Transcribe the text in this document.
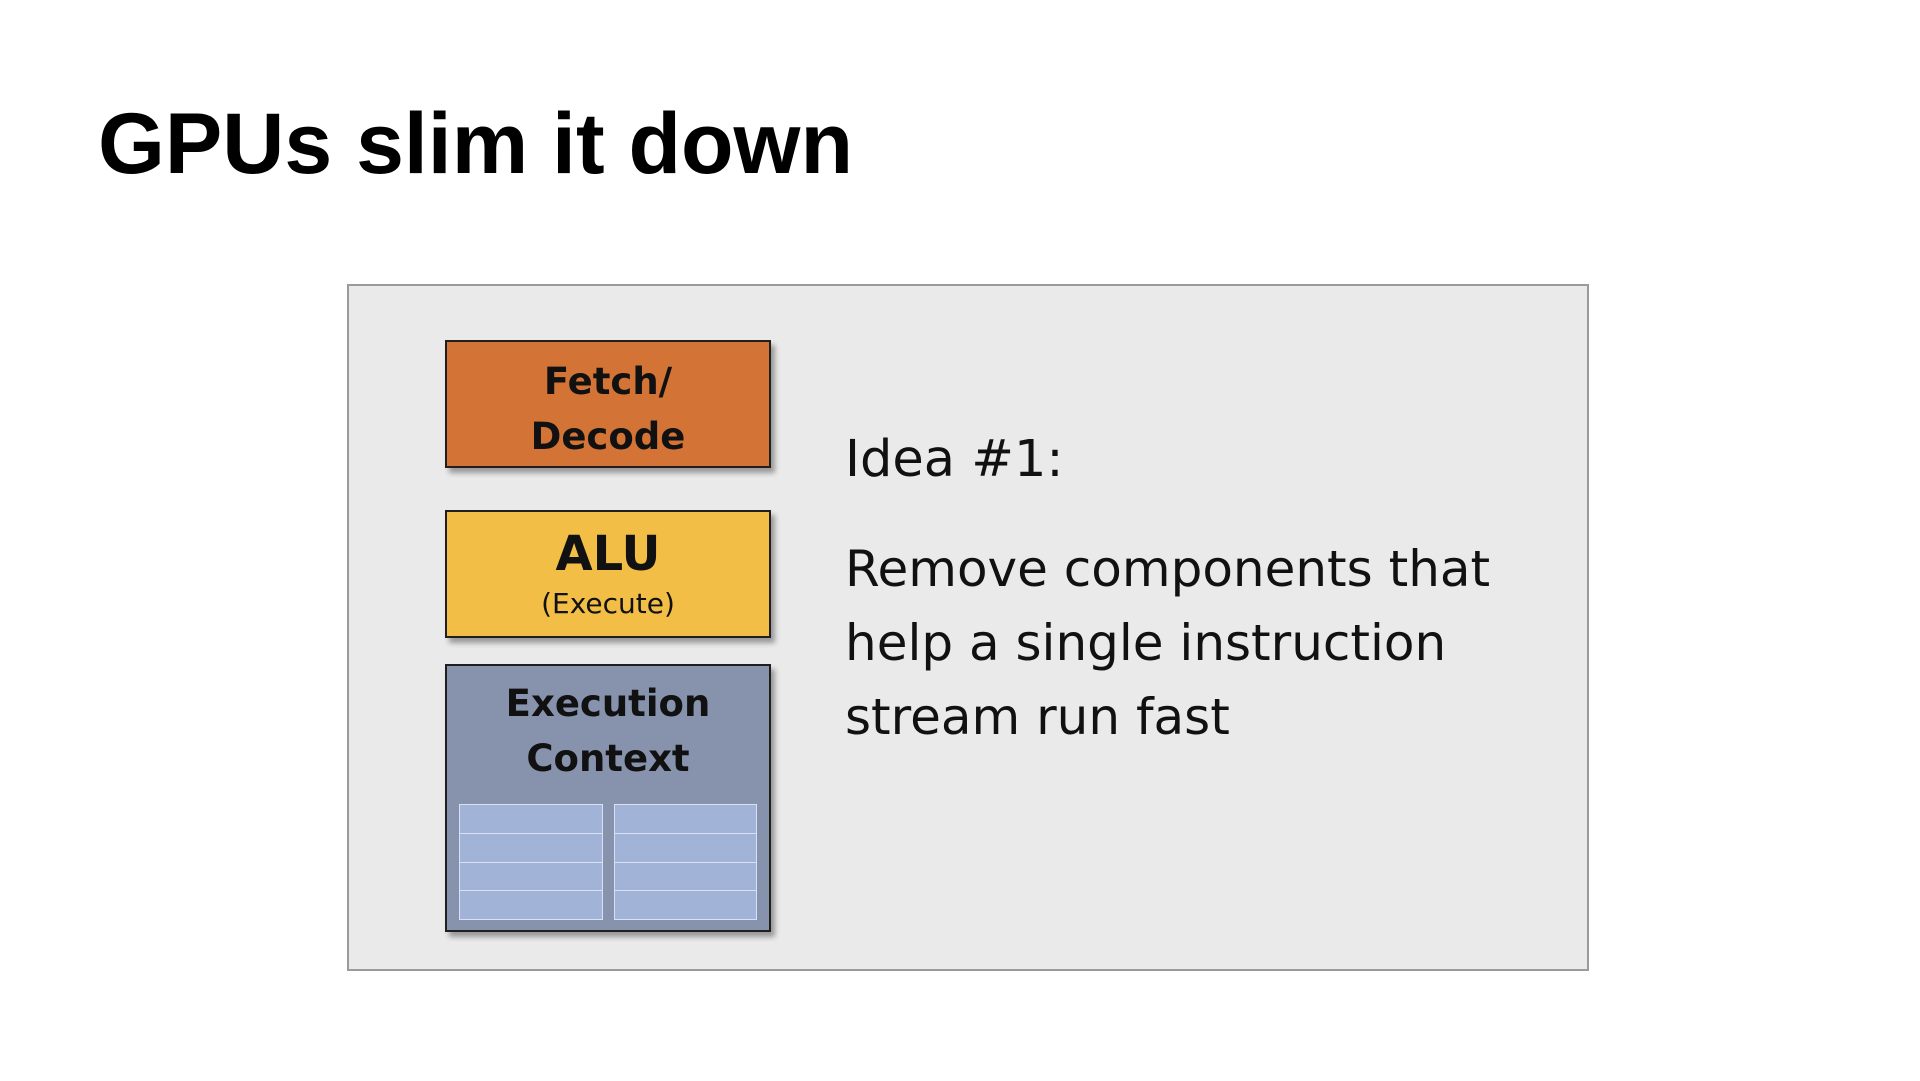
GPUs slim it down
Fetch/
Decode
ALU
(Execute)
Execution
Context
Idea #1:
Remove components that
help a single instruction
stream run fast
